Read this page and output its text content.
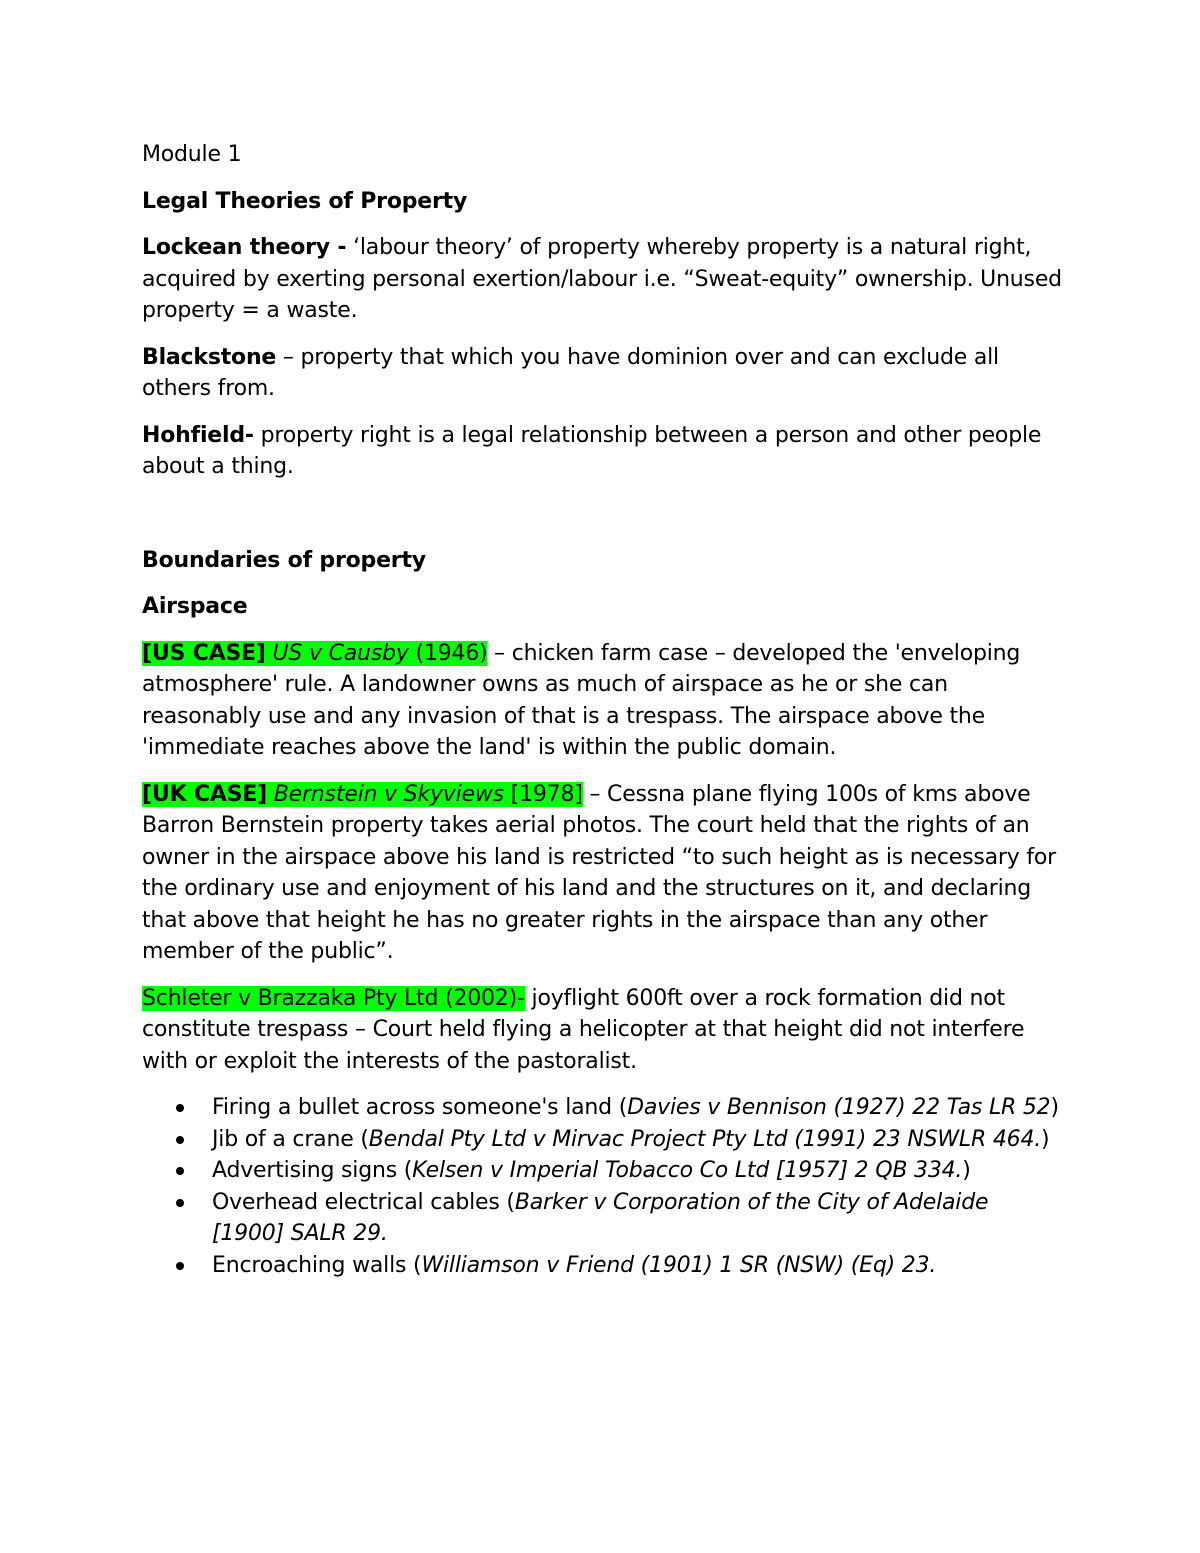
Module 1

Legal Theories of Property

Lockean theory - ‘labour theory’ of property whereby property is a natural right, acquired by exerting personal exertion/labour i.e. “Sweat-equity” ownership. Unused property = a waste.

Blackstone – property that which you have dominion over and can exclude all others from.

Hohfield- property right is a legal relationship between a person and other people about a thing.

Boundaries of property

Airspace

[US CASE] US v Causby (1946) – chicken farm case – developed the 'enveloping atmosphere' rule. A landowner owns as much of airspace as he or she can reasonably use and any invasion of that is a trespass. The airspace above the 'immediate reaches above the land' is within the public domain.

[UK CASE] Bernstein v Skyviews [1978] – Cessna plane flying 100s of kms above Barron Bernstein property takes aerial photos. The court held that the rights of an owner in the airspace above his land is restricted “to such height as is necessary for the ordinary use and enjoyment of his land and the structures on it, and declaring that above that height he has no greater rights in the airspace than any other member of the public”.

Schleter v Brazzaka Pty Ltd (2002)- joyflight 600ft over a rock formation did not constitute trespass – Court held flying a helicopter at that height did not interfere with or exploit the interests of the pastoralist.

Firing a bullet across someone's land (Davies v Bennison (1927) 22 Tas LR 52)
Jib of a crane (Bendal Pty Ltd v Mirvac Project Pty Ltd (1991) 23 NSWLR 464.)
Advertising signs (Kelsen v Imperial Tobacco Co Ltd [1957] 2 QB 334.)
Overhead electrical cables (Barker v Corporation of the City of Adelaide [1900] SALR 29.
Encroaching walls (Williamson v Friend (1901) 1 SR (NSW) (Eq) 23.
